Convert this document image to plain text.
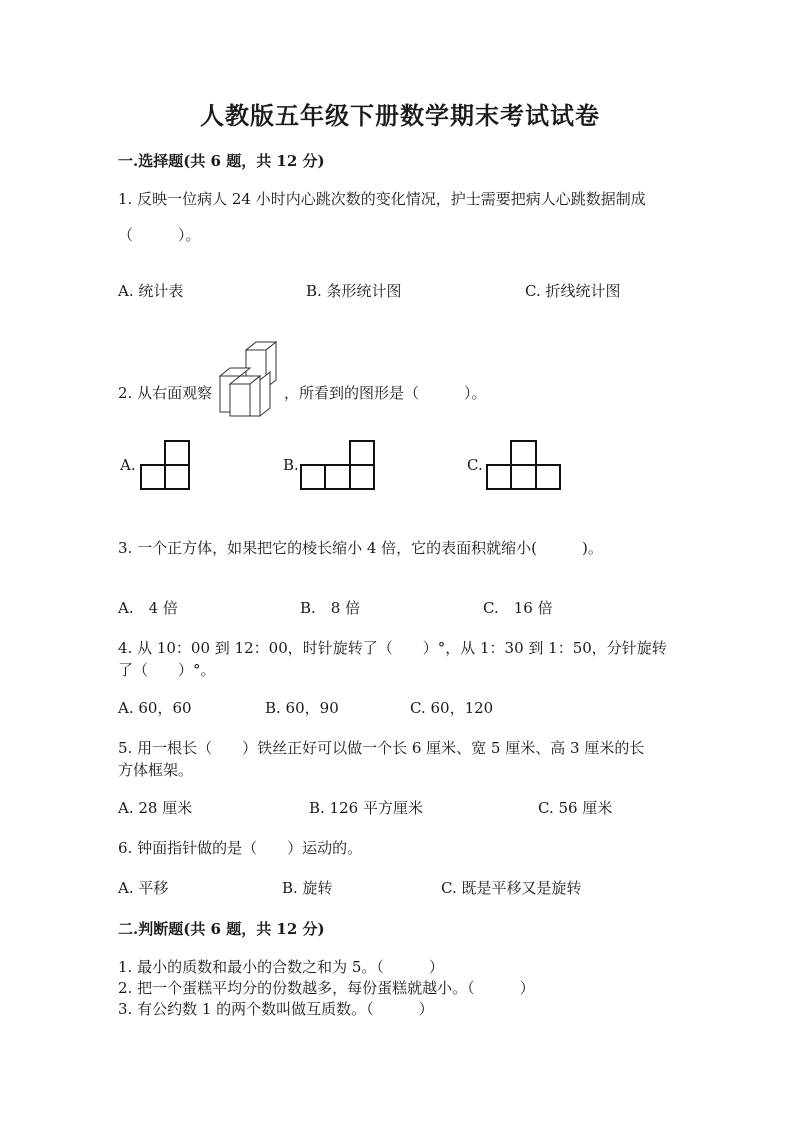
人教版五年级下册数学期末考试试卷
一.选择题(共 6 题，共 12 分)
1. 反映一位病人 24 小时内心跳次数的变化情况，护士需要把病人心跳数据制成
（　　　）。
A. 统计表	B. 条形统计图	C. 折线统计图
2. 从右面观察	，所看到的图形是（　　　）。
A.	B.	C.
3. 一个正方体，如果把它的棱长缩小 4 倍，它的表面积就缩小(　　　)。
A.　4 倍	B.　8 倍	C.　16 倍
4. 从 10：00 到 12：00，时针旋转了（　　）°，从 1：30 到 1：50，分针旋转
了（　　）°。
A. 60，60	B. 60，90	C. 60，120
5. 用一根长（　　）铁丝正好可以做一个长 6 厘米、宽 5 厘米、高 3 厘米的长
方体框架。
A. 28 厘米	B. 126 平方厘米	C. 56 厘米
6. 钟面指针做的是（　　）运动的。
A. 平移	B. 旋转	C. 既是平移又是旋转
二.判断题(共 6 题，共 12 分)
1. 最小的质数和最小的合数之和为 5。（　　　）
2. 把一个蛋糕平均分的份数越多，每份蛋糕就越小。（　　　）
3. 有公约数 1 的两个数叫做互质数。（　　　）
